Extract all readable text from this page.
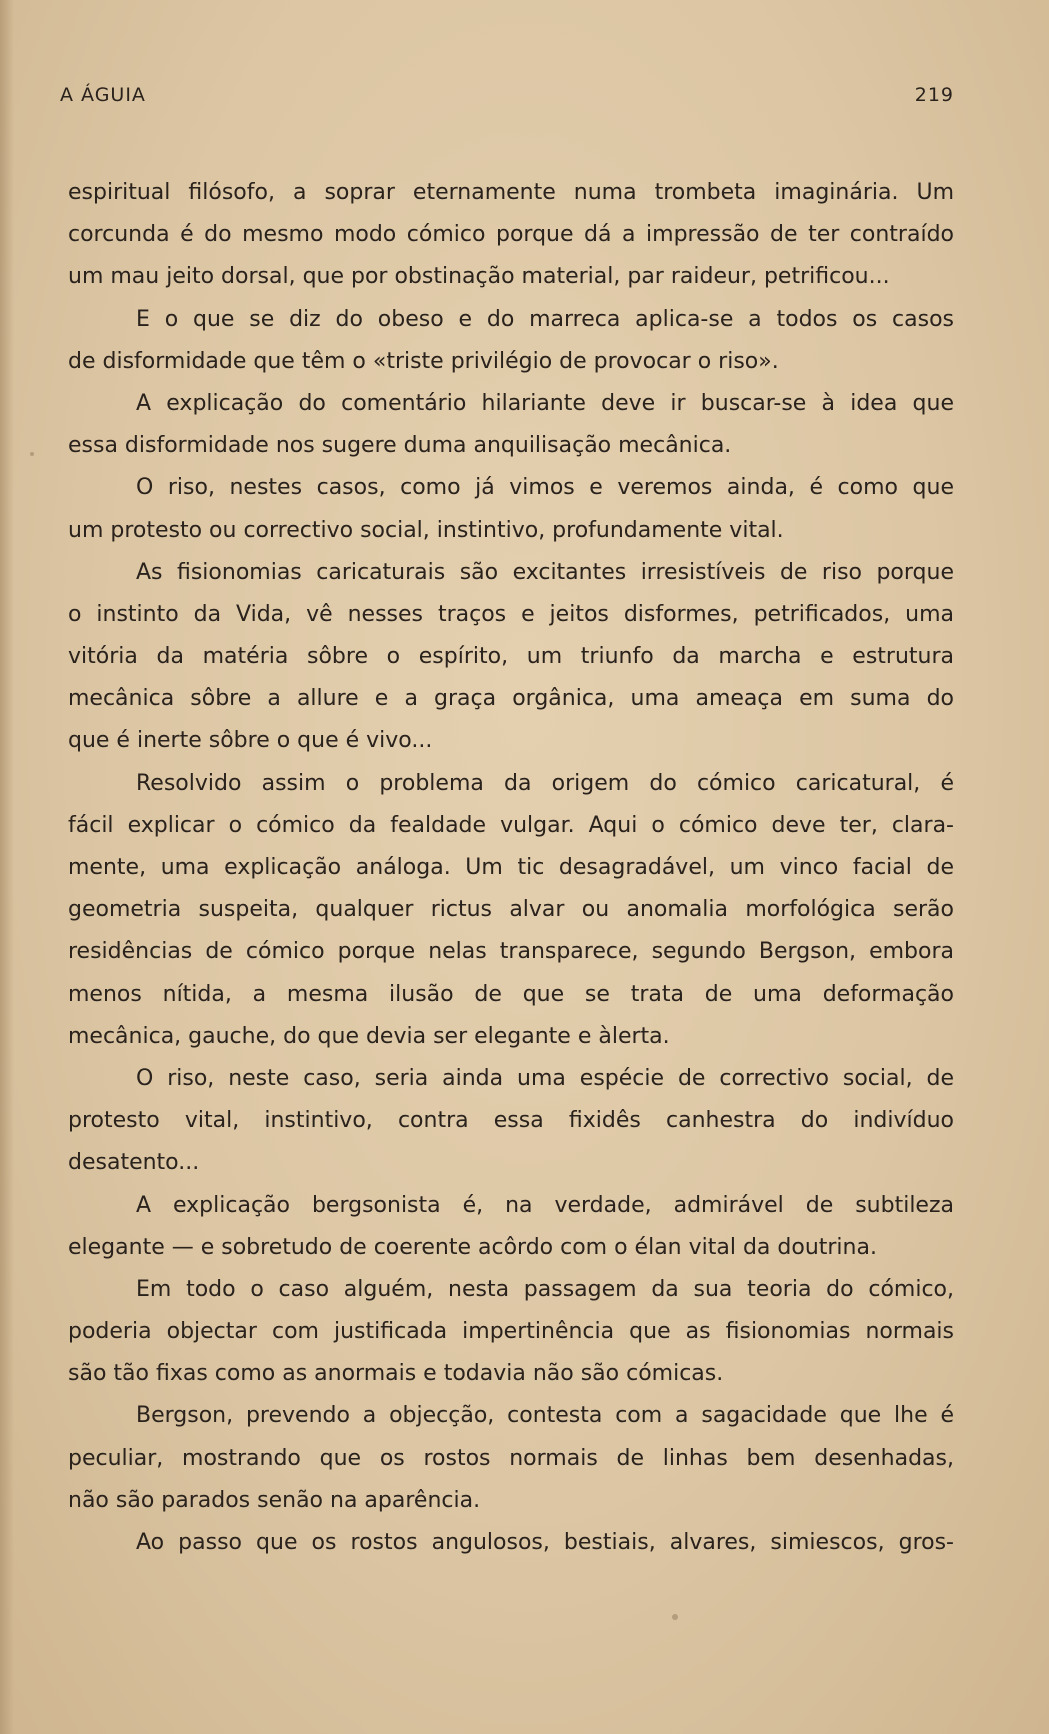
A ÁGUIA	219
espiritual filósofo, a soprar eternamente numa trombeta imaginária. Um
corcunda é do mesmo modo cómico porque dá a impressão de ter contraído
um mau jeito dorsal, que por obstinação material, par raideur, petrificou...
E o que se diz do obeso e do marreca aplica-se a todos os casos
de disformidade que têm o «triste privilégio de provocar o riso».
A explicação do comentário hilariante deve ir buscar-se à idea que
essa disformidade nos sugere duma anquilisação mecânica.
O riso, nestes casos, como já vimos e veremos ainda, é como que
um protesto ou correctivo social, instintivo, profundamente vital.
As fisionomias caricaturais são excitantes irresistíveis de riso porque
o instinto da Vida, vê nesses traços e jeitos disformes, petrificados, uma
vitória da matéria sôbre o espírito, um triunfo da marcha e estrutura
mecânica sôbre a allure e a graça orgânica, uma ameaça em suma do
que é inerte sôbre o que é vivo...
Resolvido assim o problema da origem do cómico caricatural, é
fácil explicar o cómico da fealdade vulgar. Aqui o cómico deve ter, clara-
mente, uma explicação análoga. Um tic desagradável, um vinco facial de
geometria suspeita, qualquer rictus alvar ou anomalia morfológica serão
residências de cómico porque nelas transparece, segundo Bergson, embora
menos nítida, a mesma ilusão de que se trata de uma deformação
mecânica, gauche, do que devia ser elegante e àlerta.
O riso, neste caso, seria ainda uma espécie de correctivo social, de
protesto vital, instintivo, contra essa fixidês canhestra do indivíduo
desatento...
A explicação bergsonista é, na verdade, admirável de subtileza
elegante — e sobretudo de coerente acôrdo com o élan vital da doutrina.
Em todo o caso alguém, nesta passagem da sua teoria do cómico,
poderia objectar com justificada impertinência que as fisionomias normais
são tão fixas como as anormais e todavia não são cómicas.
Bergson, prevendo a objecção, contesta com a sagacidade que lhe é
peculiar, mostrando que os rostos normais de linhas bem desenhadas,
não são parados senão na aparência.
Ao passo que os rostos angulosos, bestiais, alvares, simiescos, gros-
